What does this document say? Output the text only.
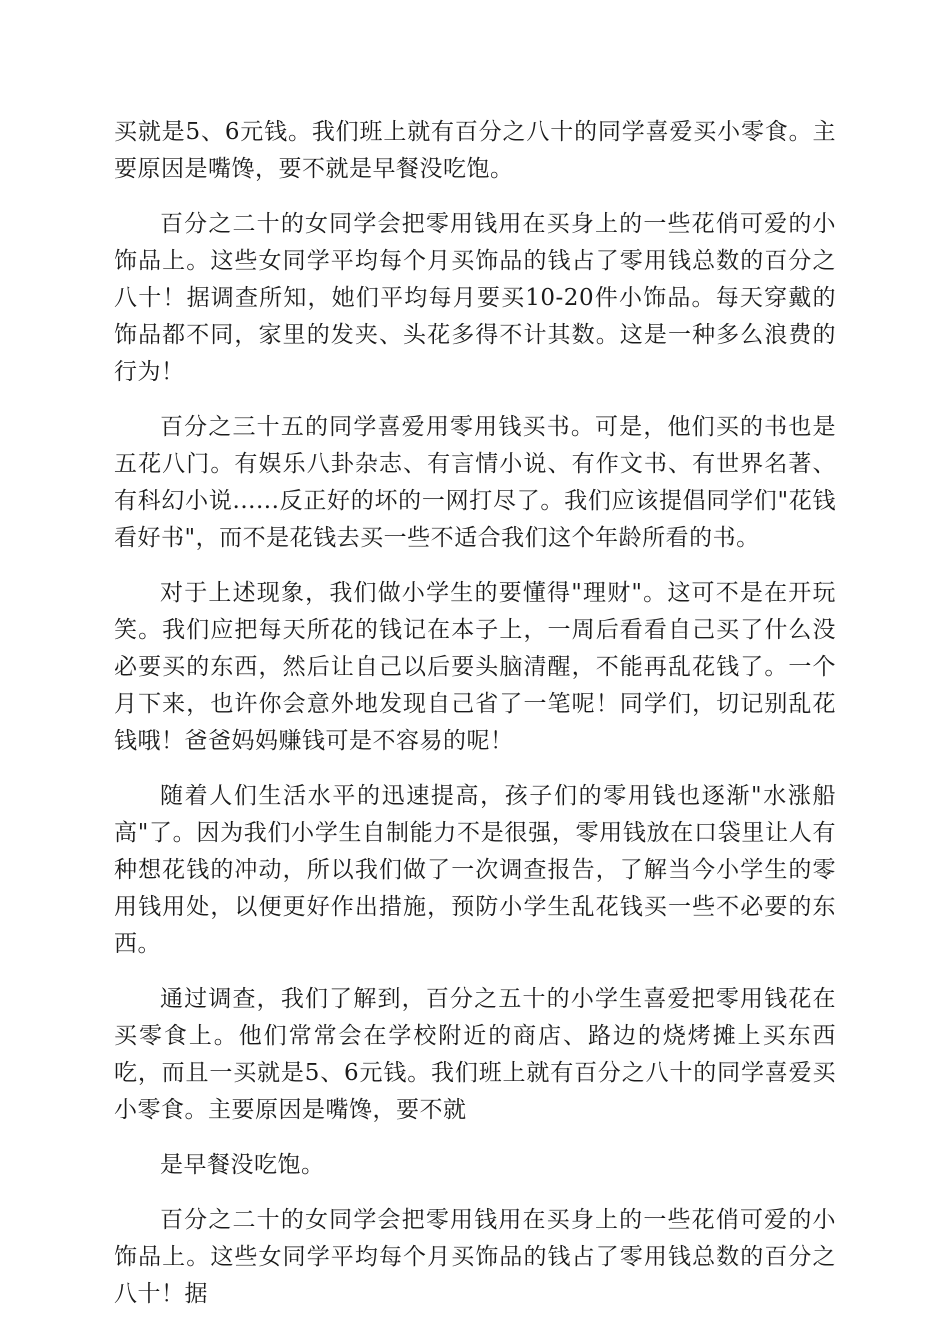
买就是5、6元钱。我们班上就有百分之八十的同学喜爱买小零食。主要原因是嘴馋，要不就是早餐没吃饱。

百分之二十的女同学会把零用钱用在买身上的一些花俏可爱的小饰品上。这些女同学平均每个月买饰品的钱占了零用钱总数的百分之八十！据调查所知，她们平均每月要买10-20件小饰品。每天穿戴的饰品都不同，家里的发夹、头花多得不计其数。这是一种多么浪费的行为！

百分之三十五的同学喜爱用零用钱买书。可是，他们买的书也是五花八门。有娱乐八卦杂志、有言情小说、有作文书、有世界名著、有科幻小说......反正好的坏的一网打尽了。我们应该提倡同学们"花钱看好书"，而不是花钱去买一些不适合我们这个年龄所看的书。

对于上述现象，我们做小学生的要懂得"理财"。这可不是在开玩笑。我们应把每天所花的钱记在本子上，一周后看看自己买了什么没必要买的东西，然后让自己以后要头脑清醒，不能再乱花钱了。一个月下来，也许你会意外地发现自己省了一笔呢！同学们，切记别乱花钱哦！爸爸妈妈赚钱可是不容易的呢！

随着人们生活水平的迅速提高，孩子们的零用钱也逐渐"水涨船高"了。因为我们小学生自制能力不是很强，零用钱放在口袋里让人有种想花钱的冲动，所以我们做了一次调查报告，了解当今小学生的零用钱用处，以便更好作出措施，预防小学生乱花钱买一些不必要的东西。

通过调查，我们了解到，百分之五十的小学生喜爱把零用钱花在买零食上。他们常常会在学校附近的商店、路边的烧烤摊上买东西吃，而且一买就是5、6元钱。我们班上就有百分之八十的同学喜爱买小零食。主要原因是嘴馋，要不就

是早餐没吃饱。

百分之二十的女同学会把零用钱用在买身上的一些花俏可爱的小饰品上。这些女同学平均每个月买饰品的钱占了零用钱总数的百分之八十！据
